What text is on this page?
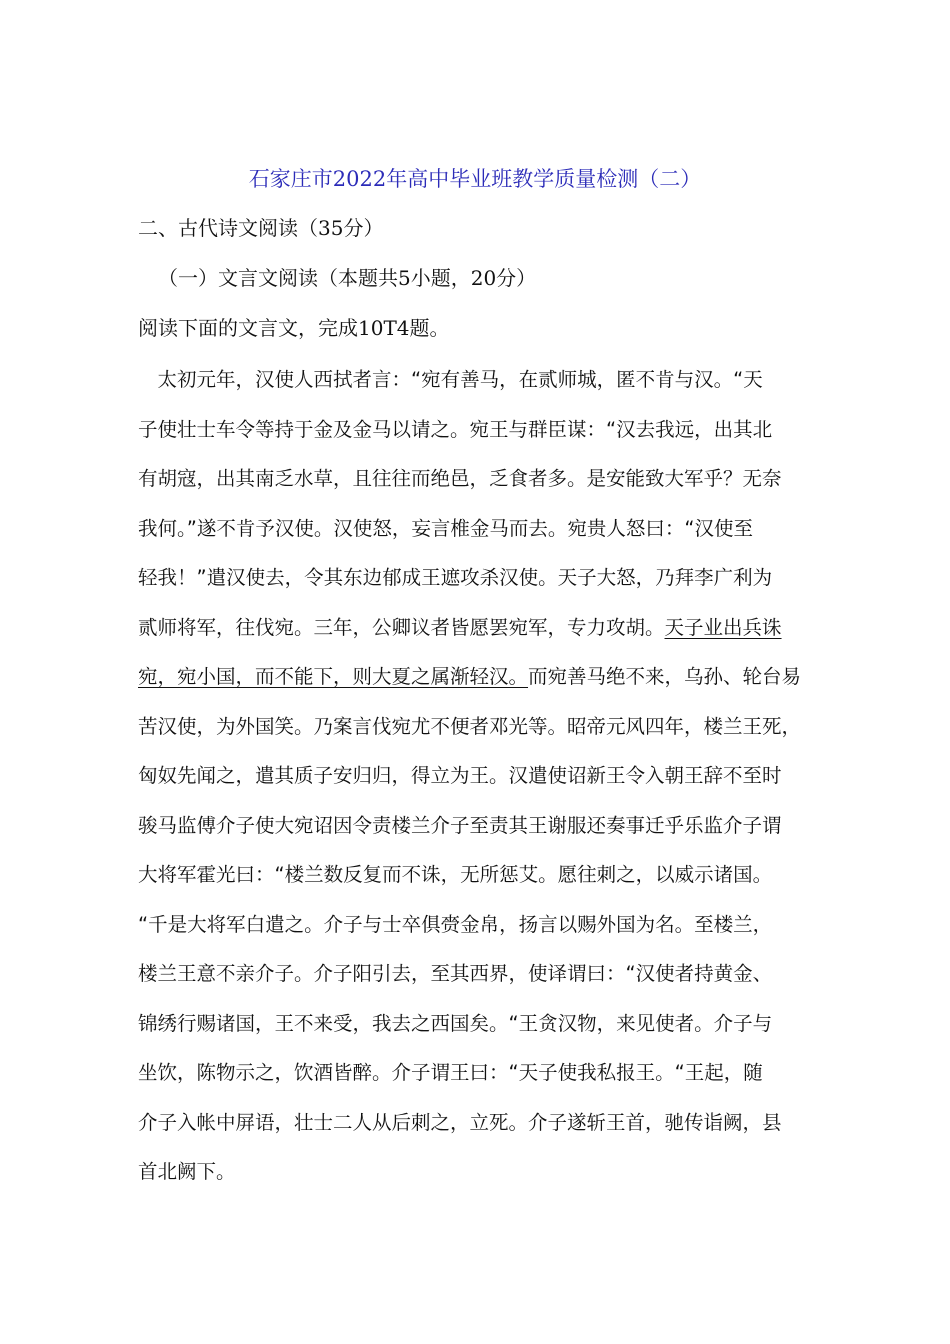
石家庄市2022年高中毕业班教学质量检测（二）
二、古代诗文阅读（35分）
（一）文言文阅读（本题共5小题，20分）
阅读下面的文言文，完成10T4题。
　太初元年，汉使人西拭者言：“宛有善马，在贰师城，匿不肯与汉。“天
子使壮士车令等持于金及金马以请之。宛王与群臣谋：“汉去我远，出其北
有胡寇，出其南乏水草，且往往而绝邑，乏食者多。是安能致大军乎？无奈
我何。”遂不肯予汉使。汉使怒，妄言椎金马而去。宛贵人怒曰：“汉使至
轻我！”遣汉使去，令其东边郁成王遮攻杀汉使。天子大怒，乃拜李广利为
贰师将军，往伐宛。三年，公卿议者皆愿罢宛军，专力攻胡。天子业出兵诛
宛，宛小国，而不能下，则大夏之属渐轻汉。而宛善马绝不来，乌孙、轮台易
苦汉使，为外国笑。乃案言伐宛尤不便者邓光等。昭帝元风四年，楼兰王死，
匈奴先闻之，遣其质子安归归，得立为王。汉遣使诏新王令入朝王辞不至时
骏马监傅介子使大宛诏因令责楼兰介子至责其王谢服还奏事迁乎乐监介子谓
大将军霍光曰：“楼兰数反复而不诛，无所惩艾。愿往刺之，以威示诸国。
“千是大将军白遣之。介子与士卒俱赍金帛，扬言以赐外国为名。至楼兰，
楼兰王意不亲介子。介子阳引去，至其西界，使译谓曰：“汉使者持黄金、
锦绣行赐诸国，王不来受，我去之西国矣。“王贪汉物，来见使者。介子与
坐饮，陈物示之，饮酒皆醉。介子谓王曰：“天子使我私报王。“王起，随
介子入帐中屏语，壮士二人从后刺之，立死。介子遂斩王首，驰传诣阙，县
首北阙下。
